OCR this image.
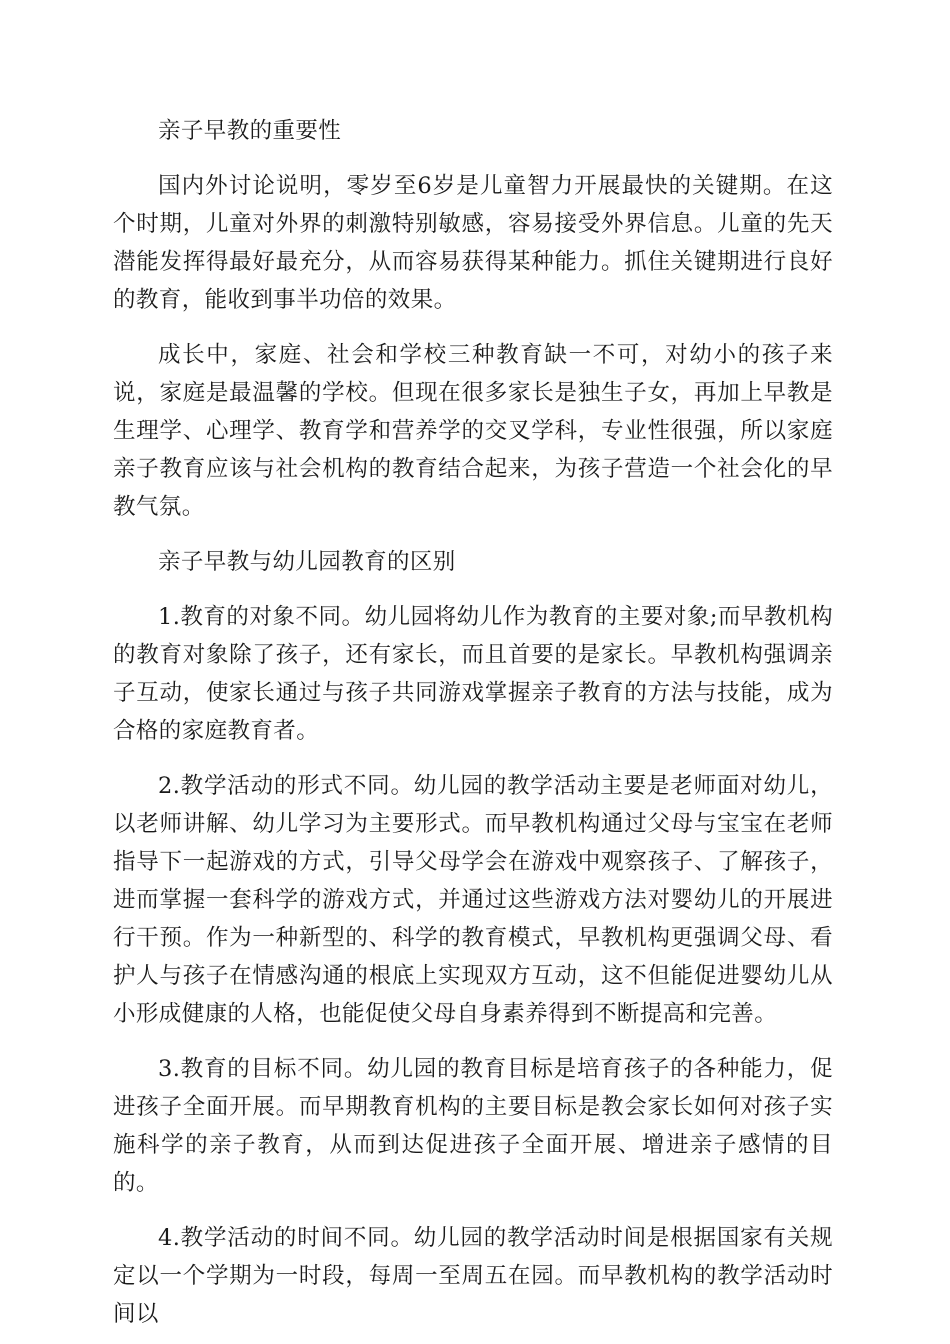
亲子早教的重要性

国内外讨论说明，零岁至6岁是儿童智力开展最快的关键期。在这个时期，儿童对外界的刺激特别敏感，容易接受外界信息。儿童的先天潜能发挥得最好最充分，从而容易获得某种能力。抓住关键期进行良好的教育，能收到事半功倍的效果。

成长中，家庭、社会和学校三种教育缺一不可，对幼小的孩子来说，家庭是最温馨的学校。但现在很多家长是独生子女，再加上早教是生理学、心理学、教育学和营养学的交叉学科，专业性很强，所以家庭亲子教育应该与社会机构的教育结合起来，为孩子营造一个社会化的早教气氛。

亲子早教与幼儿园教育的区别

1.教育的对象不同。幼儿园将幼儿作为教育的主要对象;而早教机构的教育对象除了孩子，还有家长，而且首要的是家长。早教机构强调亲子互动，使家长通过与孩子共同游戏掌握亲子教育的方法与技能，成为合格的家庭教育者。

2.教学活动的形式不同。幼儿园的教学活动主要是老师面对幼儿，以老师讲解、幼儿学习为主要形式。而早教机构通过父母与宝宝在老师指导下一起游戏的方式，引导父母学会在游戏中观察孩子、了解孩子，进而掌握一套科学的游戏方式，并通过这些游戏方法对婴幼儿的开展进行干预。作为一种新型的、科学的教育模式，早教机构更强调父母、看护人与孩子在情感沟通的根底上实现双方互动，这不但能促进婴幼儿从小形成健康的人格，也能促使父母自身素养得到不断提高和完善。

3.教育的目标不同。幼儿园的教育目标是培育孩子的各种能力，促进孩子全面开展。而早期教育机构的主要目标是教会家长如何对孩子实施科学的亲子教育，从而到达促进孩子全面开展、增进亲子感情的目的。

4.教学活动的时间不同。幼儿园的教学活动时间是根据国家有关规定以一个学期为一时段，每周一至周五在园。而早教机构的教学活动时间以
